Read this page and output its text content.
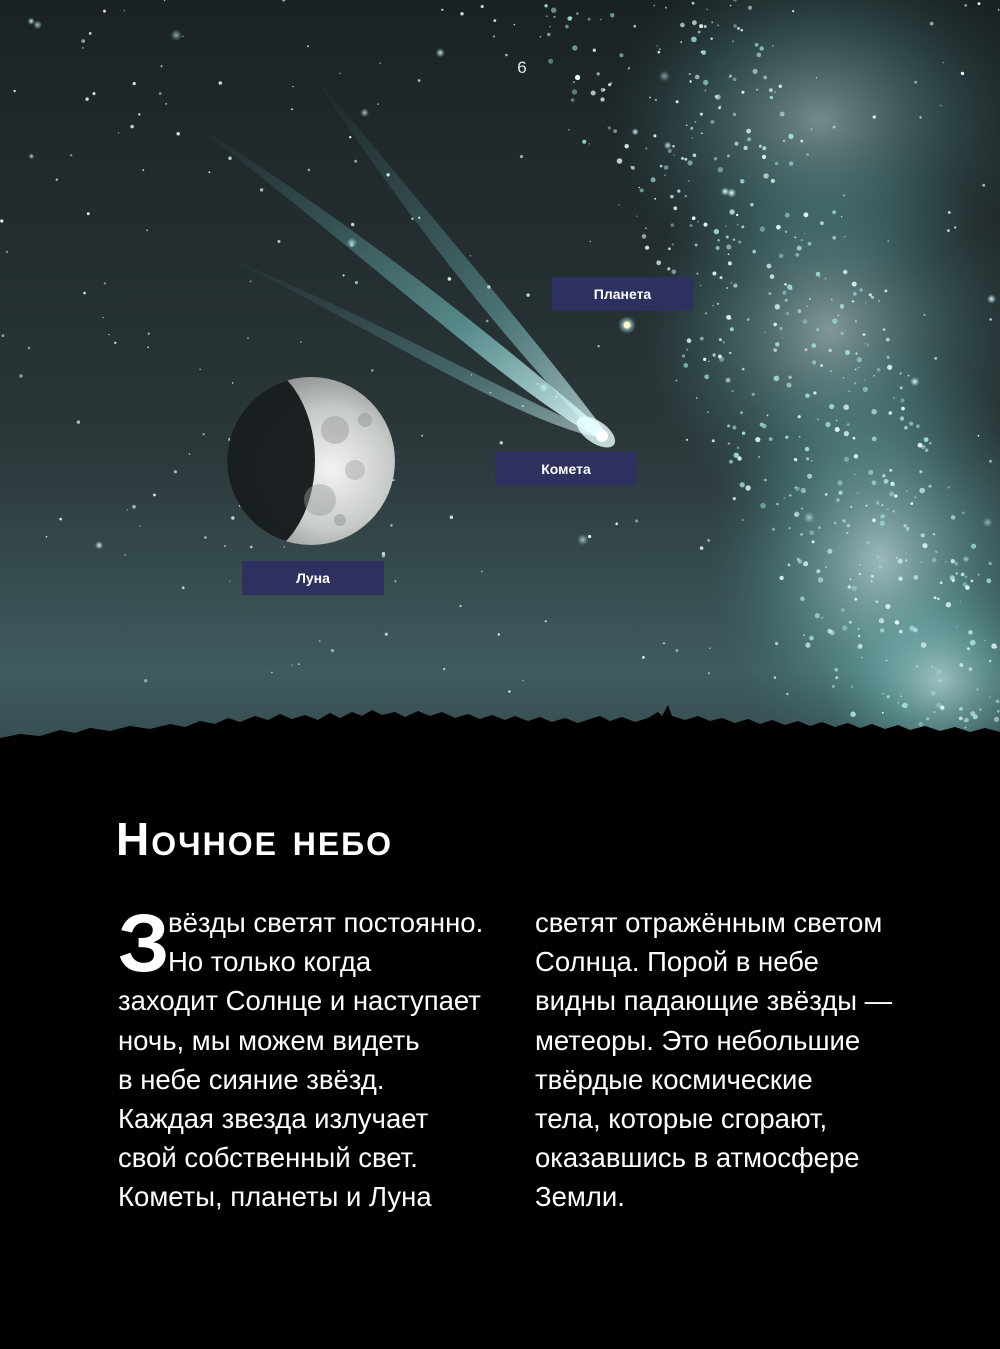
6
Планета
Комета
Луна
Ночное небо
З
вёзды светят постоянно.
Но только когда
заходит Солнце и наступает
ночь, мы можем видеть
в небе сияние звёзд.
Каждая звезда излучает
свой собственный свет.
Кометы, планеты и Луна
светят отражённым светом
Солнца. Порой в небе
видны падающие звёзды —
метеоры. Это небольшие
твёрдые космические
тела, которые сгорают,
оказавшись в атмосфере
Земли.
